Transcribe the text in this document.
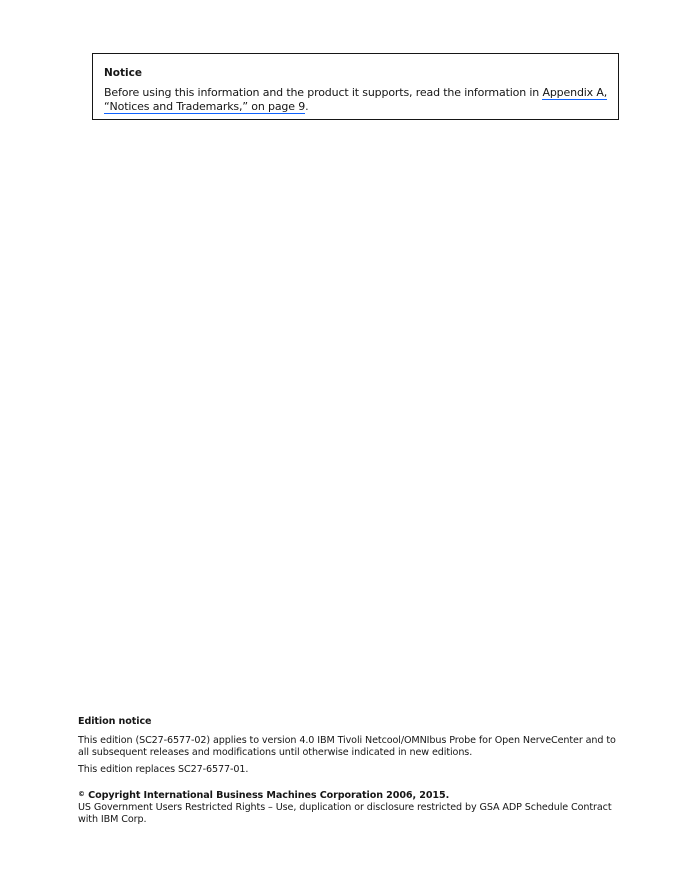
Notice

Before using this information and the product it supports, read the information in Appendix A, “Notices and Trademarks,” on page 9.

Edition notice

This edition (SC27-6577-02) applies to version 4.0 IBM Tivoli Netcool/OMNIbus Probe for Open NerveCenter and to all subsequent releases and modifications until otherwise indicated in new editions.

This edition replaces SC27-6577-01.

© Copyright International Business Machines Corporation 2006, 2015.

US Government Users Restricted Rights – Use, duplication or disclosure restricted by GSA ADP Schedule Contract with IBM Corp.
